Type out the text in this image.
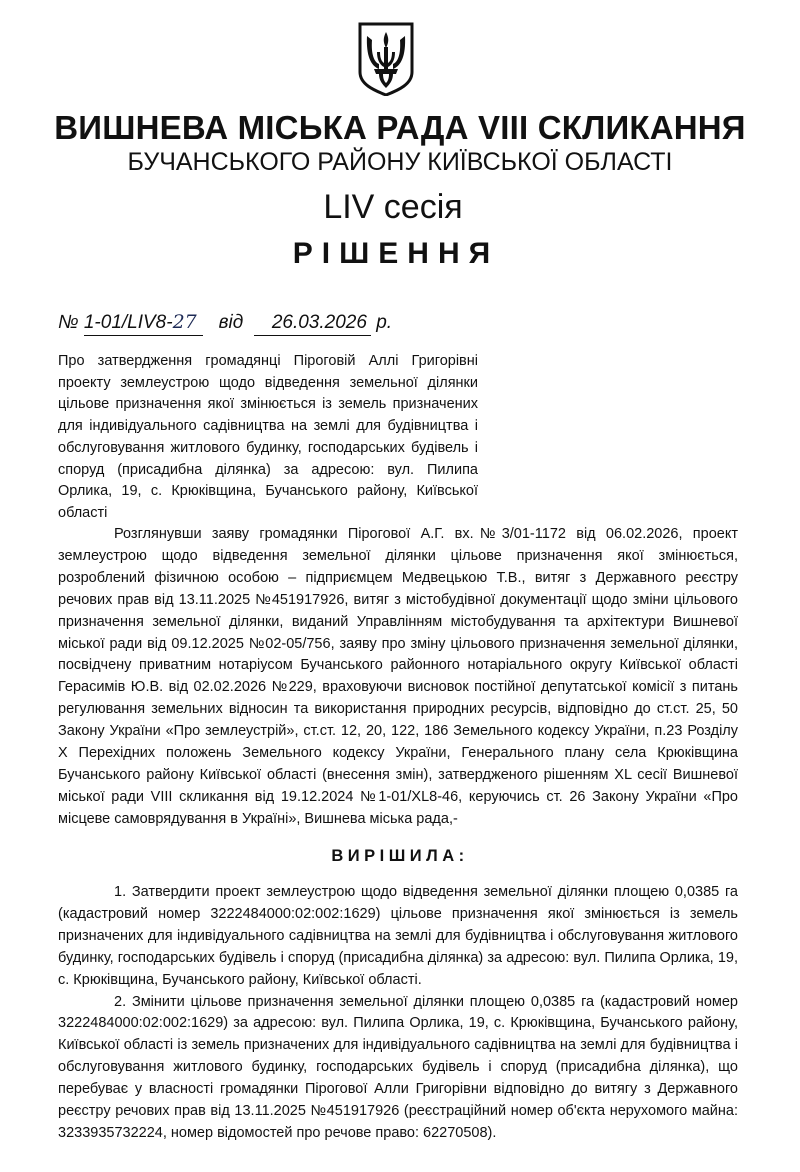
ВИШНЕВА МІСЬКА РАДА VIII СКЛИКАННЯ
БУЧАНСЬКОГО РАЙОНУ КИЇВСЬКОЇ ОБЛАСТІ
LIV сесія
РІШЕННЯ
№ 1-01/LIV8-27 від 26.03.2026 р.
Про затвердження громадянці Піроговій Аллі Григорівні проекту землеустрою щодо відведення земельної ділянки цільове призначення якої змінюється із земель призначених для індивідуального садівництва на землі для будівництва і обслуговування житлового будинку, господарських будівель і споруд (присадибна ділянка) за адресою: вул. Пилипа Орлика, 19, с. Крюківщина, Бучанського району, Київської області
Розглянувши заяву громадянки Пірогової А.Г. вх.№3/01-1172 від 06.02.2026, проект землеустрою щодо відведення земельної ділянки цільове призначення якої змінюється, розроблений фізичною особою – підприємцем Медвецькою Т.В., витяг з Державного реєстру речових прав від 13.11.2025 №451917926, витяг з містобудівної документації щодо зміни цільового призначення земельної ділянки, виданий Управлінням містобудування та архітектури Вишневої міської ради від 09.12.2025 №02-05/756, заяву про зміну цільового призначення земельної ділянки, посвідчену приватним нотаріусом Бучанського районного нотаріального округу Київської області Герасимів Ю.В. від 02.02.2026 №229, враховуючи висновок постійної депутатської комісії з питань регулювання земельних відносин та використання природних ресурсів, відповідно до ст.ст. 25, 50 Закону України «Про землеустрій», ст.ст. 12, 20, 122, 186 Земельного кодексу України, п.23 Розділу Х Перехідних положень Земельного кодексу України, Генерального плану села Крюківщина Бучанського району Київської області (внесення змін), затвердженого рішенням XL сесії Вишневої міської ради VIII скликання від 19.12.2024 №1-01/XL8-46, керуючись ст. 26 Закону України «Про місцеве самоврядування в Україні», Вишнева міська рада,-
ВИРІШИЛА:

1. Затвердити проект землеустрою щодо відведення земельної ділянки площею 0,0385 га (кадастровий номер 3222484000:02:002:1629) цільове призначення якої змінюється із земель призначених для індивідуального садівництва на землі для будівництва і обслуговування житлового будинку, господарських будівель і споруд (присадибна ділянка) за адресою: вул. Пилипа Орлика, 19, с. Крюківщина, Бучанського району, Київської області.

2. Змінити цільове призначення земельної ділянки площею 0,0385 га (кадастровий номер 3222484000:02:002:1629) за адресою: вул. Пилипа Орлика, 19, с. Крюківщина, Бучанського району, Київської області із земель призначених для індивідуального садівництва на землі для будівництва і обслуговування житлового будинку, господарських будівель і споруд (присадибна ділянка), що перебуває у власності громадянки Пірогової Алли Григорівни відповідно до витягу з Державного реєстру речових прав від 13.11.2025 №451917926 (реєстраційний номер об'єкта нерухомого майна: 3233935732224, номер відомостей про речове право: 62270508).
